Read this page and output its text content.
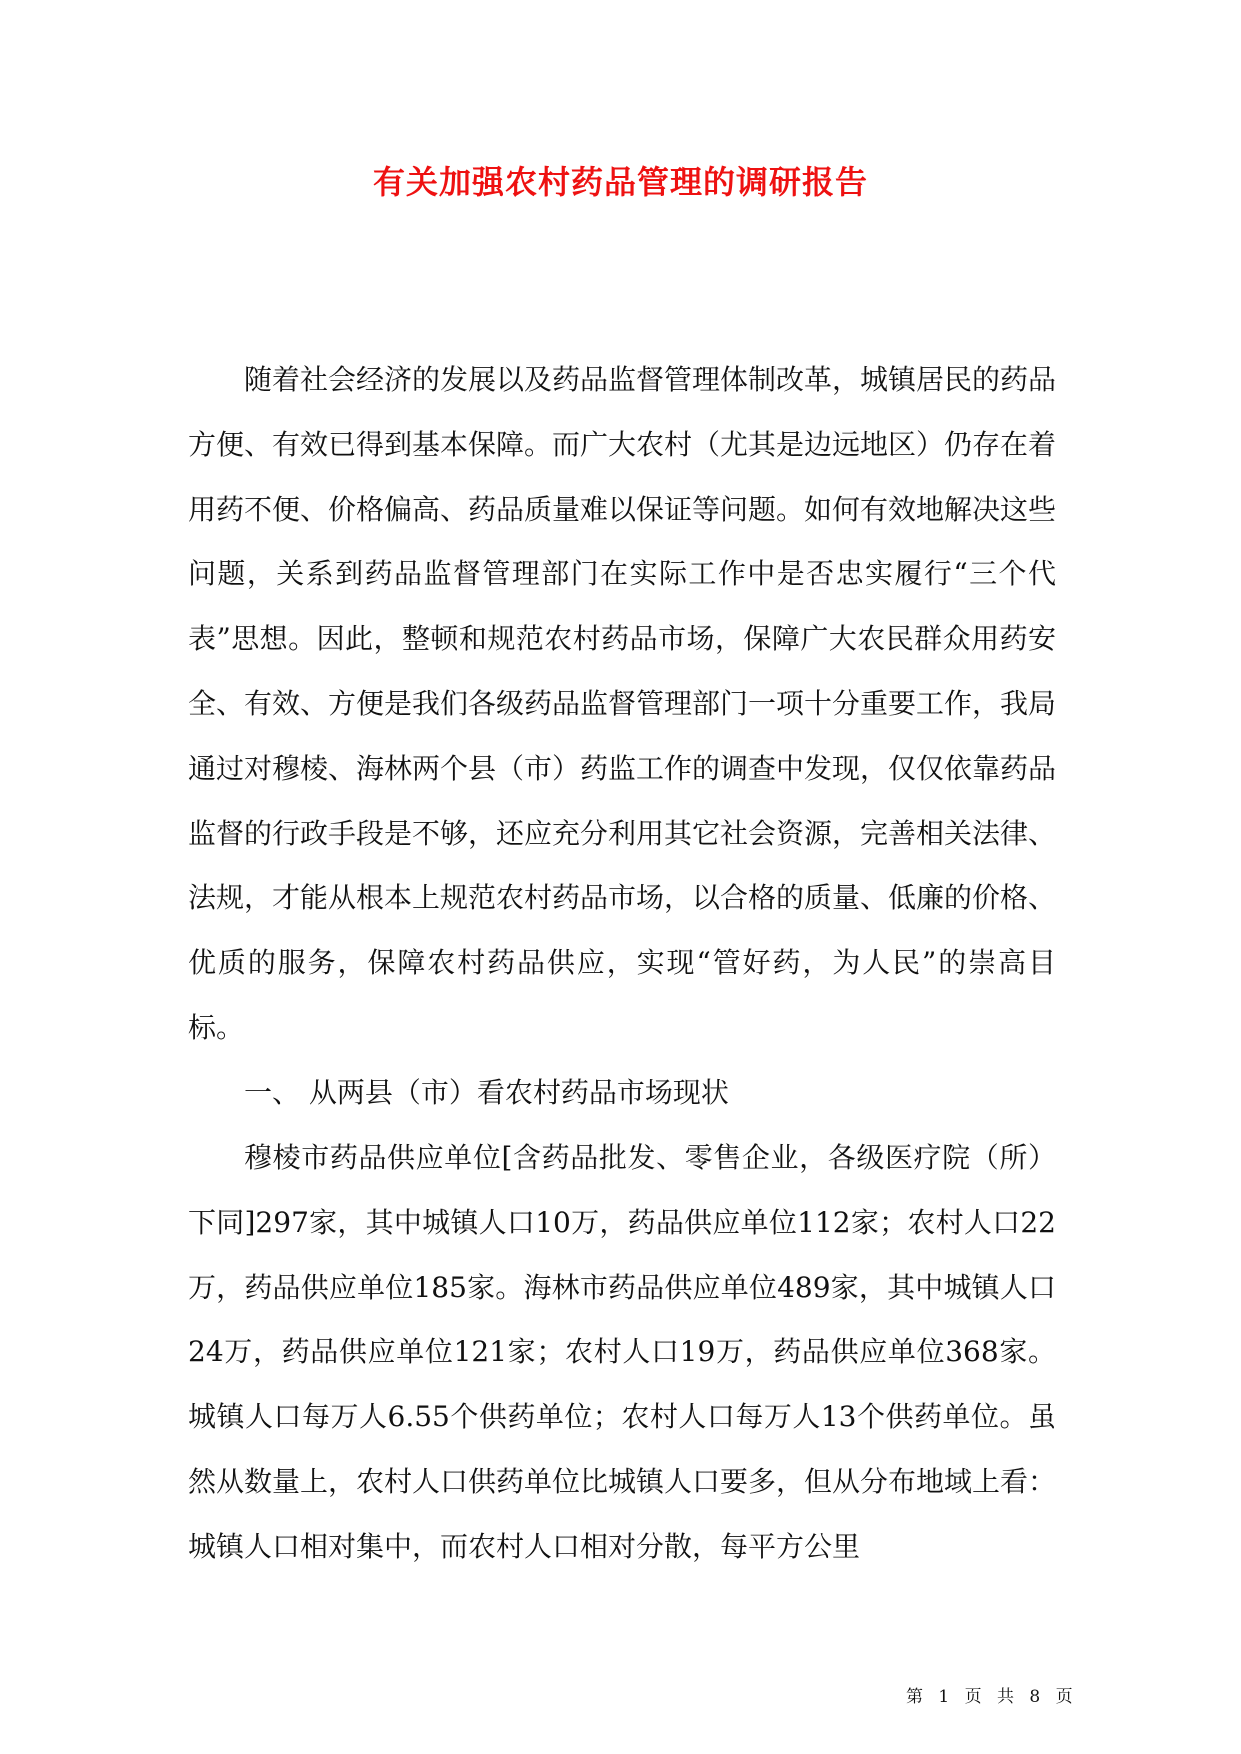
有关加强农村药品管理的调研报告

随着社会经济的发展以及药品监督管理体制改革，城镇居民的药品方便、有效已得到基本保障。而广大农村（尤其是边远地区）仍存在着用药不便、价格偏高、药品质量难以保证等问题。如何有效地解决这些问题，关系到药品监督管理部门在实际工作中是否忠实履行“三个代表”思想。因此，整顿和规范农村药品市场，保障广大农民群众用药安全、有效、方便是我们各级药品监督管理部门一项十分重要工作，我局通过对穆棱、海林两个县（市）药监工作的调查中发现，仅仅依靠药品监督的行政手段是不够，还应充分利用其它社会资源，完善相关法律、法规，才能从根本上规范农村药品市场，以合格的质量、低廉的价格、优质的服务，保障农村药品供应，实现“管好药，为人民”的崇高目标。

一、 从两县（市）看农村药品市场现状

穆棱市药品供应单位[含药品批发、零售企业，各级医疗院（所）下同]297家，其中城镇人口10万，药品供应单位112家；农村人口22万，药品供应单位185家。海林市药品供应单位489家，其中城镇人口24万，药品供应单位121家；农村人口19万，药品供应单位368家。城镇人口每万人6.55个供药单位；农村人口每万人13个供药单位。虽然从数量上，农村人口供药单位比城镇人口要多，但从分布地域上看：城镇人口相对集中，而农村人口相对分散，每平方公里

第 1 页 共 8 页
